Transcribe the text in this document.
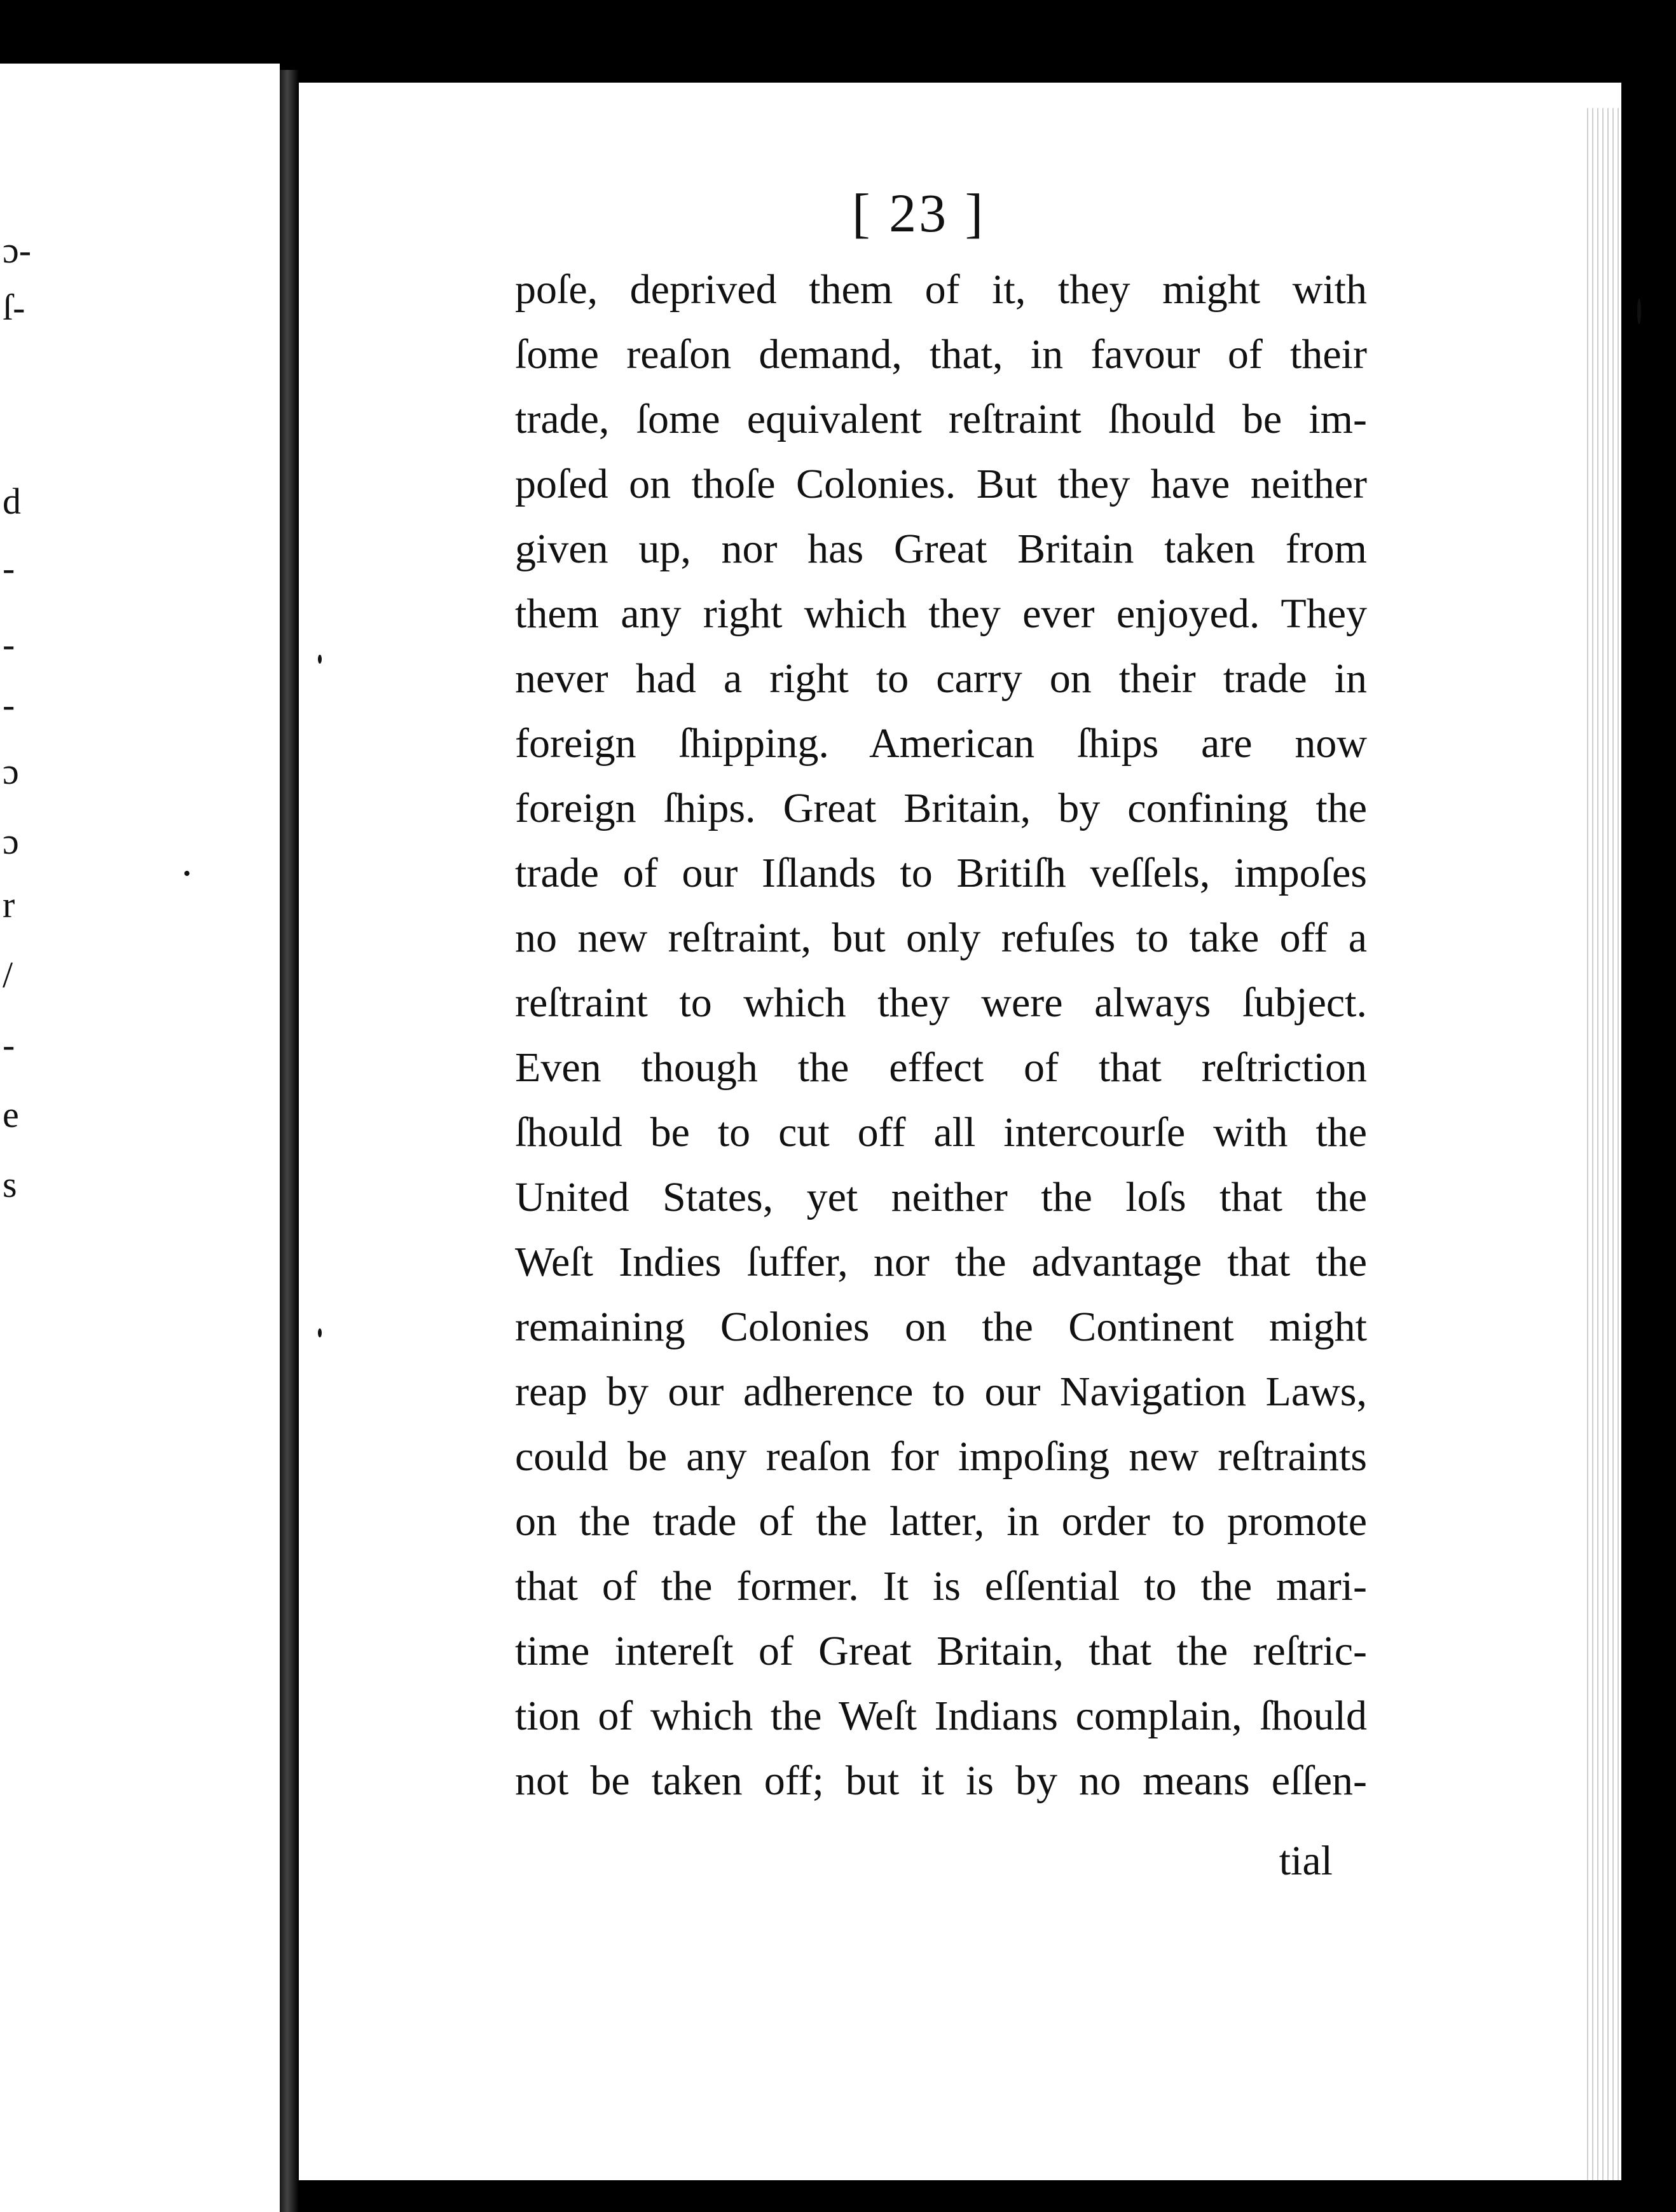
ɔ-
ſ-
d
-
-
-
ɔ
ɔ
r
/
-
e
s
[ 23 ]
poſe, deprived them of it, they might with
ſome reaſon demand, that, in favour of their
trade, ſome equivalent reſtraint ſhould be im-
poſed on thoſe Colonies. But they have neither
given up, nor has Great Britain taken from
them any right which they ever enjoyed. They
never had a right to carry on their trade in
foreign ſhipping. American ſhips are now
foreign ſhips. Great Britain, by confining the
trade of our Iſlands to Britiſh veſſels, impoſes
no new reſtraint, but only refuſes to take off a
reſtraint to which they were always ſubject.
Even though the effect of that reſtriction
ſhould be to cut off all intercourſe with the
United States, yet neither the loſs that the
Weſt Indies ſuffer, nor the advantage that the
remaining Colonies on the Continent might
reap by our adherence to our Navigation Laws,
could be any reaſon for impoſing new reſtraints
on the trade of the latter, in order to promote
that of the former. It is eſſential to the mari-
time intereſt of Great Britain, that the reſtric-
tion of which the Weſt Indians complain, ſhould
not be taken off; but it is by no means eſſen-
tial
